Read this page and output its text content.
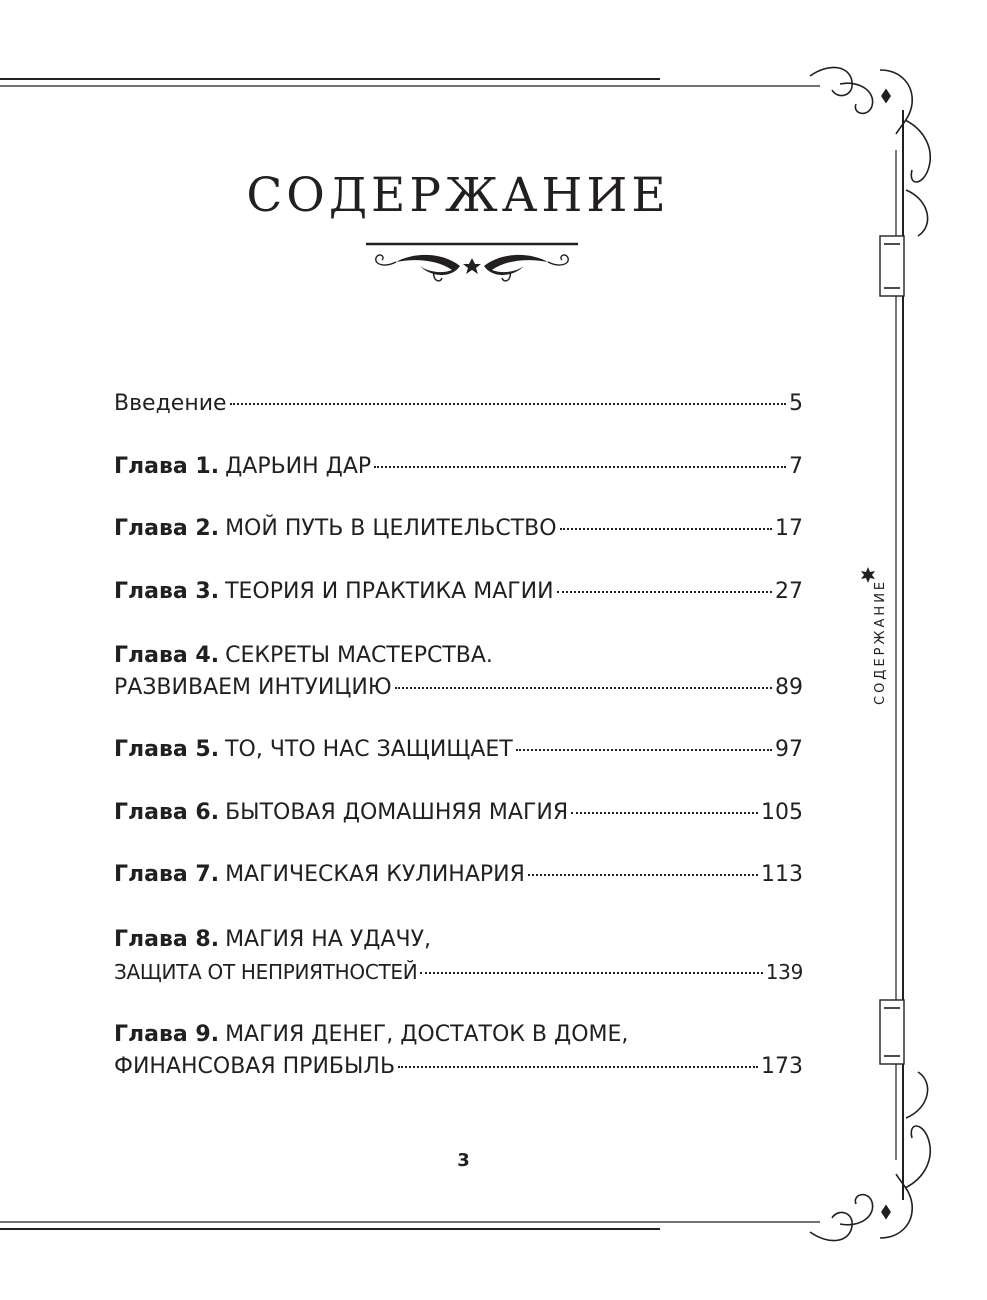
СОДЕРЖАНИЕ
Введение	5
Глава 1. ДАРЬИН ДАР	7
Глава 2. МОЙ ПУТЬ В ЦЕЛИТЕЛЬСТВО	17
Глава 3. ТЕОРИЯ И ПРАКТИКА МАГИИ	27
Глава 4. СЕКРЕТЫ МАСТЕРСТВА.
РАЗВИВАЕМ ИНТУИЦИЮ	89
Глава 5. ТО, ЧТО НАС ЗАЩИЩАЕТ	97
Глава 6. БЫТОВАЯ ДОМАШНЯЯ МАГИЯ	105
Глава 7. МАГИЧЕСКАЯ КУЛИНАРИЯ	113
Глава 8. МАГИЯ НА УДАЧУ,
ЗАЩИТА ОТ НЕПРИЯТНОСТЕЙ	139
Глава 9. МАГИЯ ДЕНЕГ, ДОСТАТОК В ДОМЕ,
ФИНАНСОВАЯ ПРИБЫЛЬ	173
СОДЕРЖАНИЕ
3
